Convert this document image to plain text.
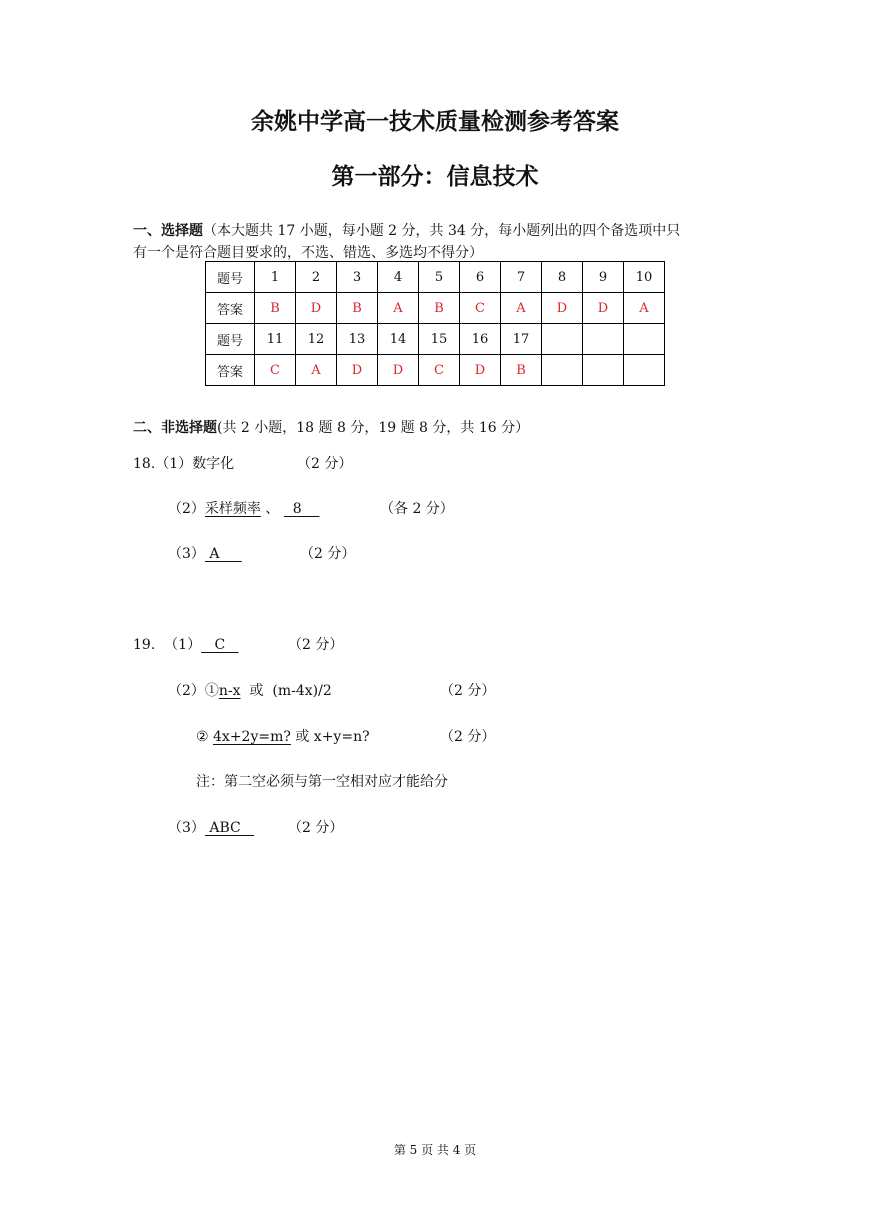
余姚中学高一技术质量检测参考答案
第一部分：信息技术
一、选择题（本大题共 17 小题，每小题 2 分，共 34 分，每小题列出的四个备选项中只
有一个是符合题目要求的，不选、错选、多选均不得分）
题号	1	2	3	4	5	6	7	8	9	10
答案	B	D	B	A	B	C	A	D	D	A
题号	11	12	13	14	15	16	17			
答案	C	A	D	D	C	D	B			
二、非选择题(共 2 小题，18 题 8 分，19 题 8 分，共 16 分）
18.（1）数字化	（2 分）
（2）采样频率 、   8	（各 2 分）
（3） A	（2 分）
19. （1）   C	（2 分）
（2）①n-x  或  (m-4x)/2	（2 分）
② 4x+2y=m? 或 x+y=n?	（2 分）
注：第二空必须与第一空相对应才能给分
（3） ABC （2 分）
第 5 页 共 4 页
